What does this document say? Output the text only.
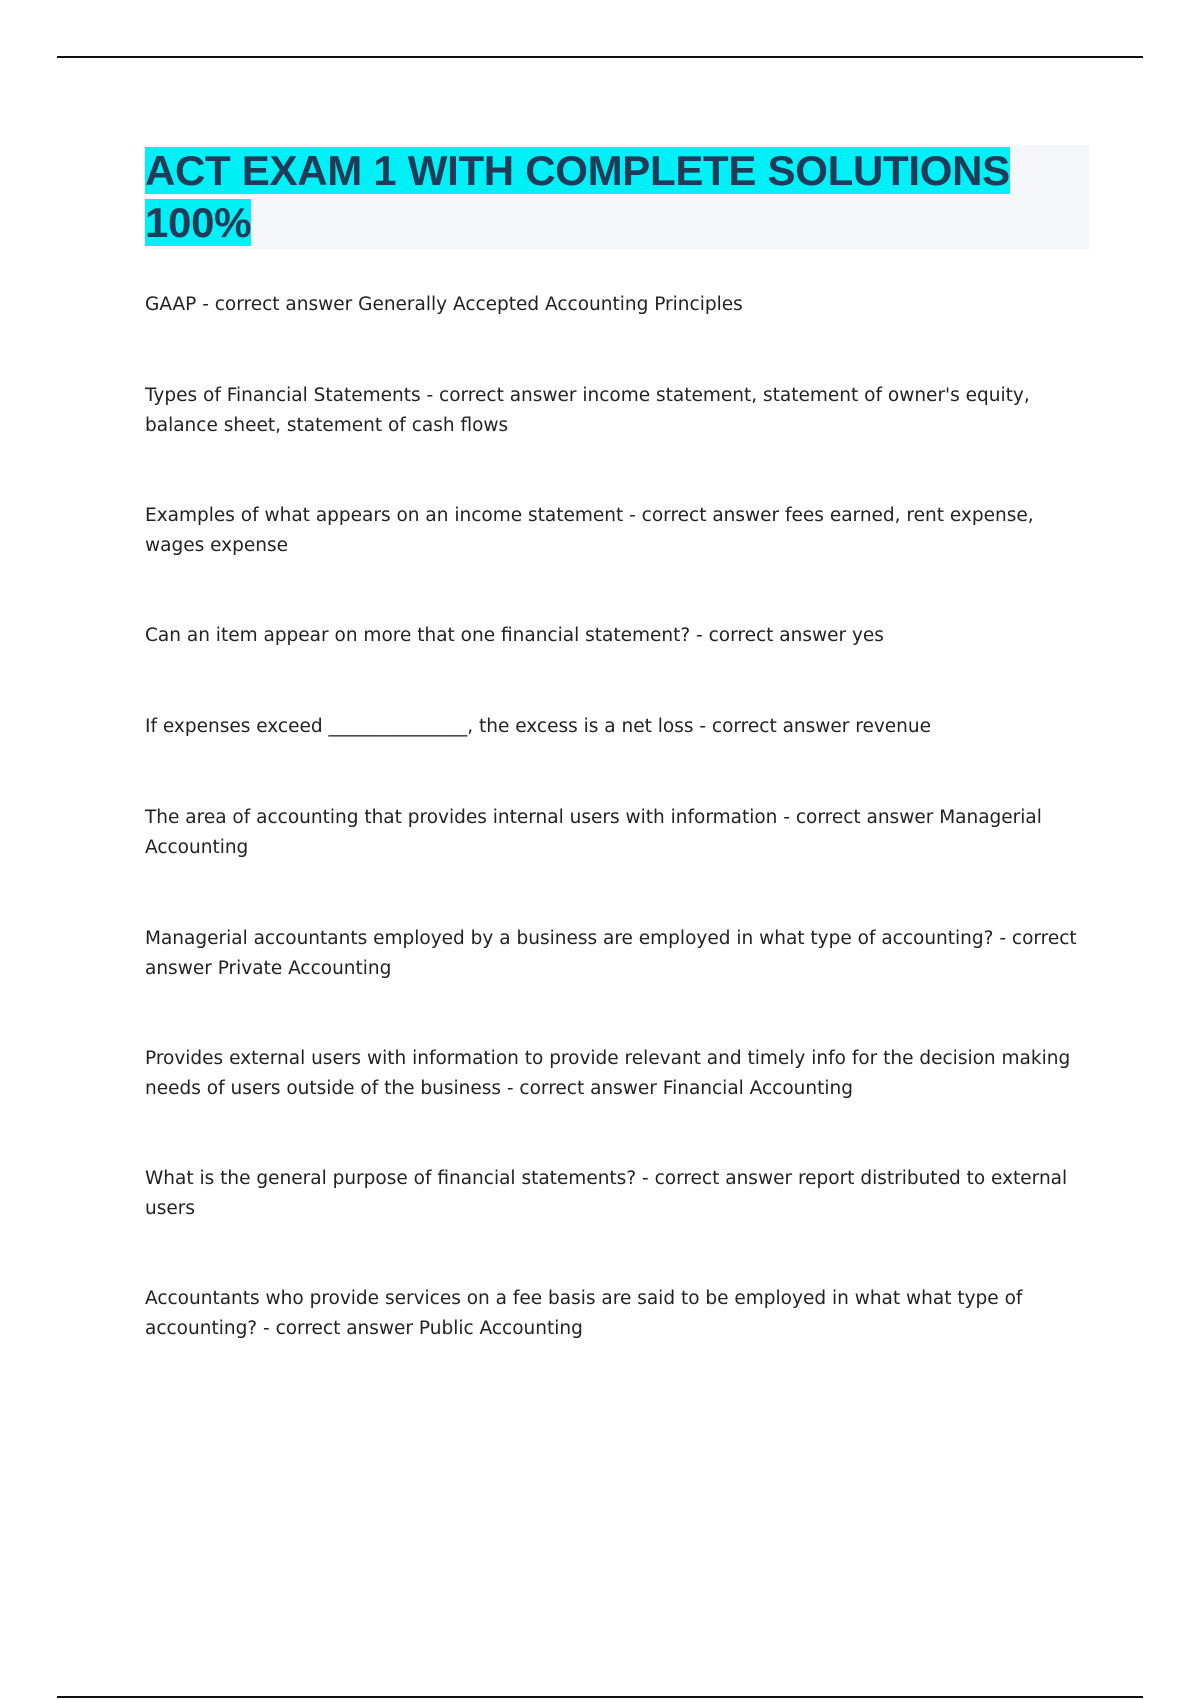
ACT EXAM 1 WITH COMPLETE SOLUTIONS 100%
GAAP - correct answer Generally Accepted Accounting Principles
Types of Financial Statements - correct answer income statement, statement of owner's equity, balance sheet, statement of cash flows
Examples of what appears on an income statement - correct answer fees earned, rent expense, wages expense
Can an item appear on more that one financial statement? - correct answer yes
If expenses exceed _______________, the excess is a net loss - correct answer revenue
The area of accounting that provides internal users with information - correct answer Managerial Accounting
Managerial accountants employed by a business are employed in what type of accounting? - correct answer Private Accounting
Provides external users with information to provide relevant and timely info for the decision making needs of users outside of the business - correct answer Financial Accounting
What is the general purpose of financial statements? - correct answer report distributed to external users
Accountants who provide services on a fee basis are said to be employed in what what type of accounting? - correct answer Public Accounting
